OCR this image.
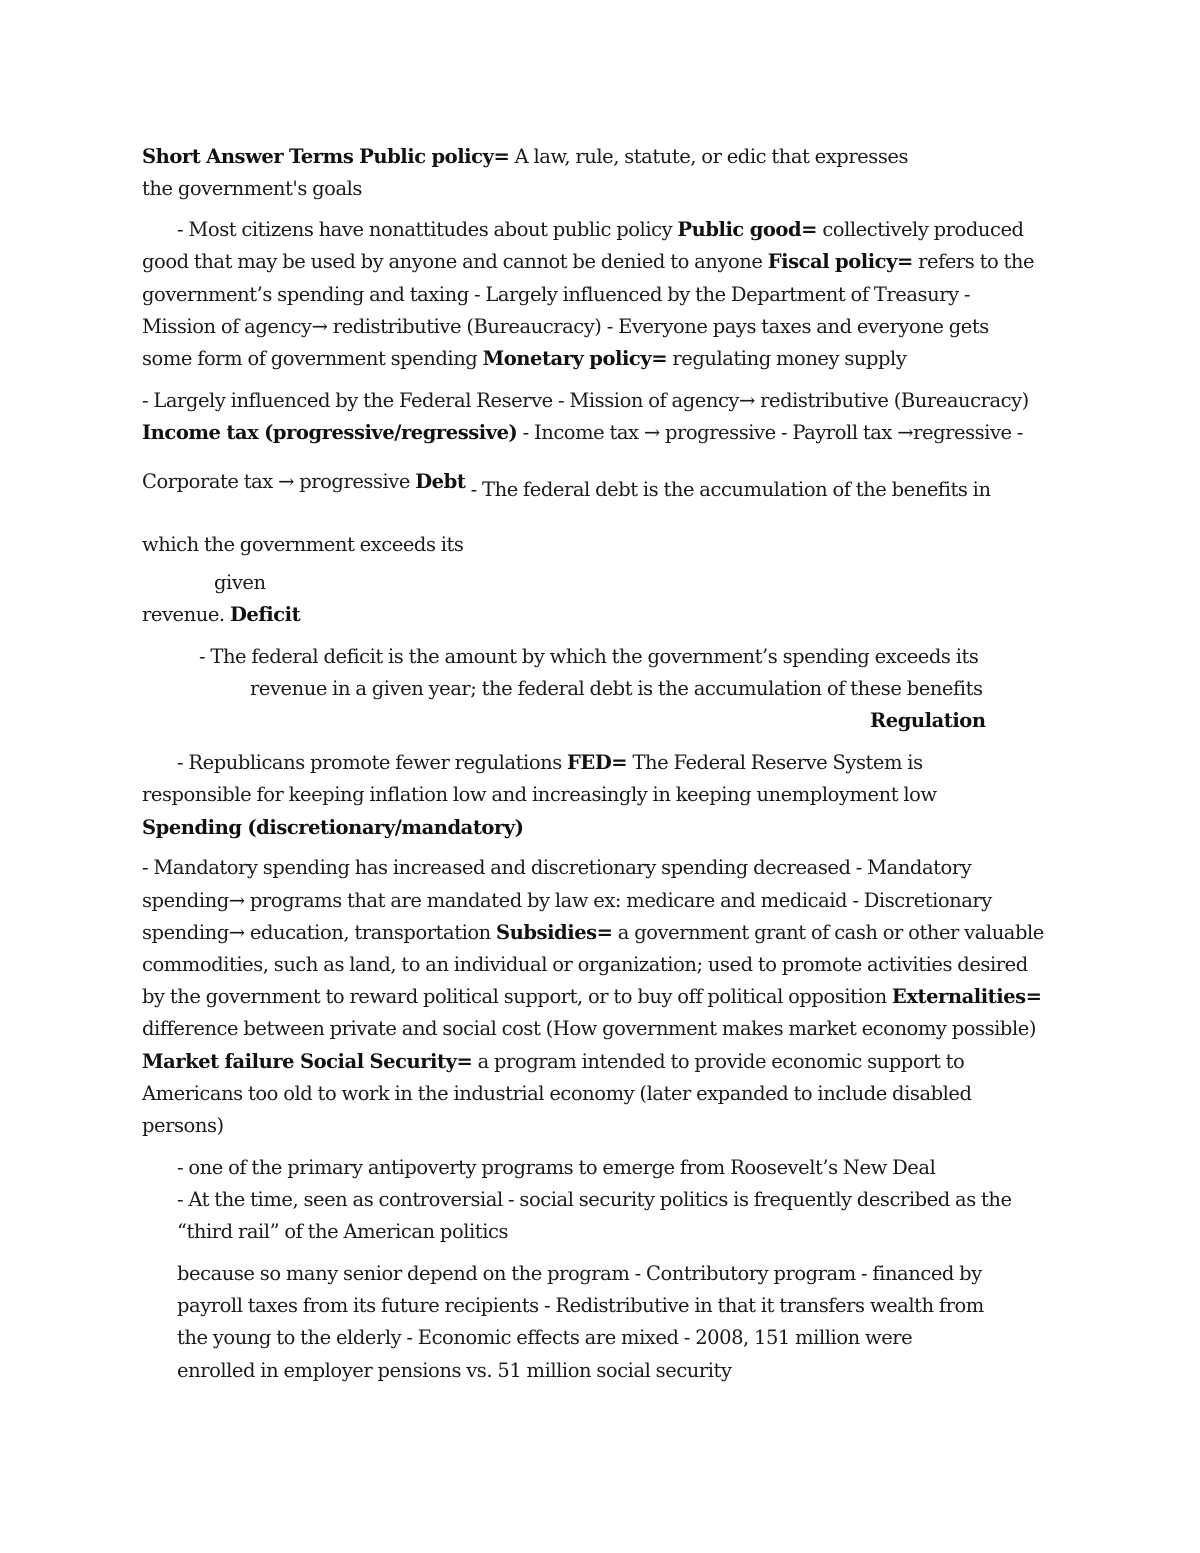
Short Answer Terms Public policy= A law, rule, statute, or edic that expresses
the government's goals
- Most citizens have nonattitudes about public policy Public good= collectively produced
good that may be used by anyone and cannot be denied to anyone Fiscal policy= refers to the
government’s spending and taxing - Largely influenced by the Department of Treasury -
Mission of agency→ redistributive (Bureaucracy) - Everyone pays taxes and everyone gets
some form of government spending Monetary policy= regulating money supply
- Largely influenced by the Federal Reserve - Mission of agency→ redistributive (Bureaucracy)
Income tax (progressive/regressive) - Income tax → progressive - Payroll tax →regressive -
Corporate tax → progressive Debt - The federal debt is the accumulation of the benefits in
which the government exceeds its
given
revenue. Deficit
- The federal deficit is the amount by which the government’s spending exceeds its
revenue in a given year; the federal debt is the accumulation of these benefits
Regulation
- Republicans promote fewer regulations FED= The Federal Reserve System is
responsible for keeping inflation low and increasingly in keeping unemployment low
Spending (discretionary/mandatory)
- Mandatory spending has increased and discretionary spending decreased - Mandatory
spending→ programs that are mandated by law ex: medicare and medicaid - Discretionary
spending→ education, transportation Subsidies= a government grant of cash or other valuable
commodities, such as land, to an individual or organization; used to promote activities desired
by the government to reward political support, or to buy off political opposition Externalities=
difference between private and social cost (How government makes market economy possible)
Market failure Social Security= a program intended to provide economic support to
Americans too old to work in the industrial economy (later expanded to include disabled
persons)
- one of the primary antipoverty programs to emerge from Roosevelt’s New Deal
- At the time, seen as controversial - social security politics is frequently described as the
“third rail” of the American politics
because so many senior depend on the program - Contributory program - financed by
payroll taxes from its future recipients - Redistributive in that it transfers wealth from
the young to the elderly - Economic effects are mixed - 2008, 151 million were
enrolled in employer pensions vs. 51 million social security
